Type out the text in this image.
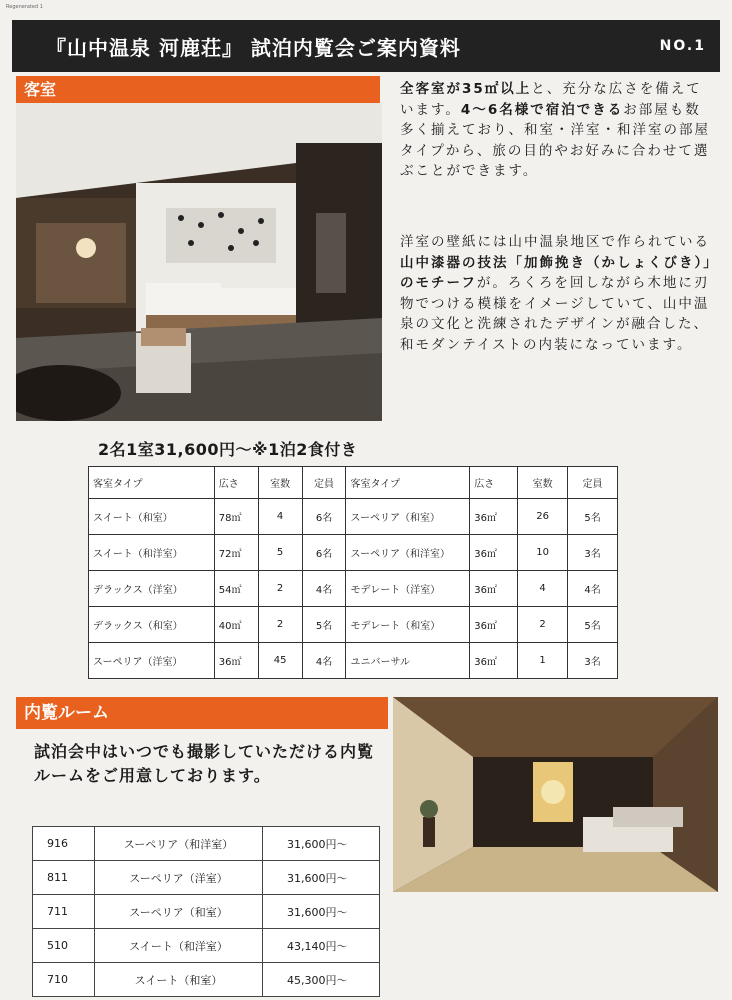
Regenerated 1
『山中温泉 河鹿荘』 試泊内覧会ご案内資料	NO.1
客室	全客室が35㎡以上と、充分な広さを備えています。4～6名様で宿泊できるお部屋も数多く揃えており、和室・洋室・和洋室の部屋タイプから、旅の目的やお好みに合わせて選ぶことができます。
洋室の壁紙には山中温泉地区で作られている山中漆器の技法「加飾挽き（かしょくびき）」のモチーフが。ろくろを回しながら木地に刃物でつける模様をイメージしていて、山中温泉の文化と洗練されたデザインが融合した、和モダンテイストの内装になっています。
2名1室31,600円～※1泊2食付き
客室タイプ	広さ	室数	定員	客室タイプ	広さ	室数	定員
スイート（和室）	78㎡	4	6名	スーペリア（和室）	36㎡	26	5名
スイート（和洋室）	72㎡	5	6名	スーペリア（和洋室）	36㎡	10	3名
デラックス（洋室）	54㎡	2	4名	モデレート（洋室）	36㎡	4	4名
デラックス（和室）	40㎡	2	5名	モデレート（和室）	36㎡	2	5名
スーペリア（洋室）	36㎡	45	4名	ユニバーサル	36㎡	1	3名
内覧ルーム
試泊会中はいつでも撮影していただける内覧ルームをご用意しております。
916	スーペリア（和洋室）	31,600円～
811	スーペリア（洋室）	31,600円～
711	スーペリア（和室）	31,600円～
510	スイート（和洋室）	43,140円～
710	スイート（和室）	45,300円～
